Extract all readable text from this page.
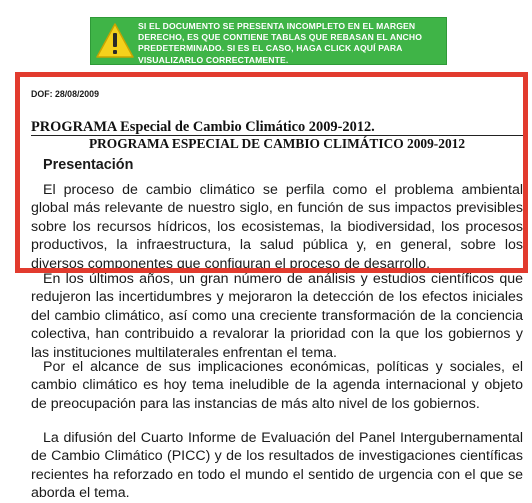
SI EL DOCUMENTO SE PRESENTA INCOMPLETO EN EL MARGEN
DERECHO, ES QUE CONTIENE TABLAS QUE REBASAN EL ANCHO
PREDETERMINADO. SI ES EL CASO, HAGA CLICK AQUÍ PARA
VISUALIZARLO CORRECTAMENTE.
DOF: 28/08/2009
PROGRAMA Especial de Cambio Climático 2009-2012.
PROGRAMA ESPECIAL DE CAMBIO CLIMÁTICO 2009-2012
Presentación

El proceso de cambio climático se perfila como el problema ambiental global más relevante de nuestro siglo, en función de sus impactos previsibles sobre los recursos hídricos, los ecosistemas, la biodiversidad, los procesos productivos, la infraestructura, la salud pública y, en general, sobre los diversos componentes que configuran el proceso de desarrollo.

En los últimos años, un gran número de análisis y estudios científicos que redujeron las incertidumbres y mejoraron la detección de los efectos iniciales del cambio climático, así como una creciente transformación de la conciencia colectiva, han contribuido a revalorar la prioridad con la que los gobiernos y las instituciones multilaterales enfrentan el tema.

Por el alcance de sus implicaciones económicas, políticas y sociales, el cambio climático es hoy tema ineludible de la agenda internacional y objeto de preocupación para las instancias de más alto nivel de los gobiernos.

La difusión del Cuarto Informe de Evaluación del Panel Intergubernamental de Cambio Climático (PICC) y de los resultados de investigaciones científicas recientes ha reforzado en todo el mundo el sentido de urgencia con el que se aborda el tema.
